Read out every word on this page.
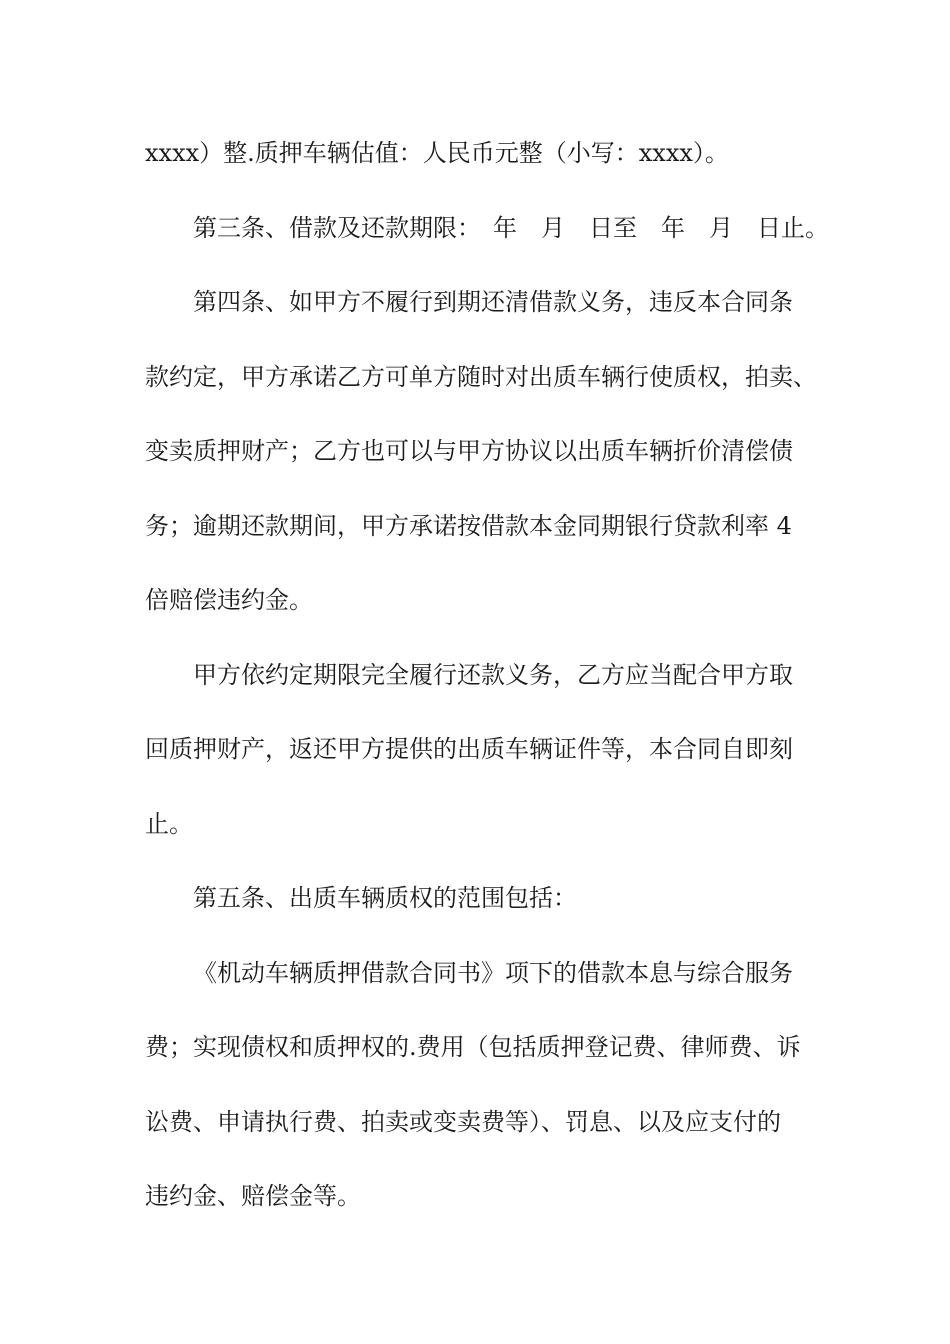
xxxx）整.质押车辆估值：人民币元整（小写：xxxx）。
第三条、借款及还款期限：　年　月　日至　年　月　日止。
第四条、如甲方不履行到期还清借款义务，违反本合同条
款约定，甲方承诺乙方可单方随时对出质车辆行使质权，拍卖、
变卖质押财产；乙方也可以与甲方协议以出质车辆折价清偿债
务；逾期还款期间，甲方承诺按借款本金同期银行贷款利率 4
倍赔偿违约金。
甲方依约定期限完全履行还款义务，乙方应当配合甲方取
回质押财产，返还甲方提供的出质车辆证件等，本合同自即刻
止。
第五条、出质车辆质权的范围包括：
《机动车辆质押借款合同书》项下的借款本息与综合服务
费；实现债权和质押权的.费用（包括质押登记费、律师费、诉
讼费、申请执行费、拍卖或变卖费等）、罚息、以及应支付的
违约金、赔偿金等。
